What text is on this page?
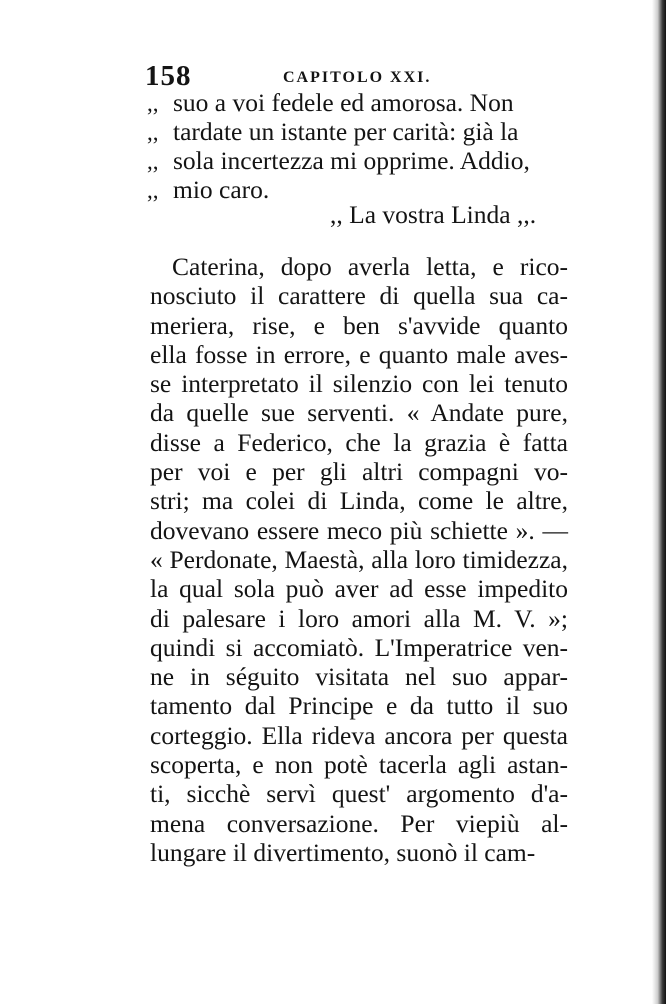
158	CAPITOLO XXI.
,, suo a voi fedele ed amorosa. Non
,, tardate un istante per carità: già la
,, sola incertezza mi opprime. Addio,
,, mio caro.
,, La vostra Linda ,,.
Caterina, dopo averla letta, e rico-
nosciuto il carattere di quella sua ca-
meriera, rise, e ben s'avvide quanto
ella fosse in errore, e quanto male aves-
se interpretato il silenzio con lei tenuto
da quelle sue serventi. « Andate pure,
disse a Federico, che la grazia è fatta
per voi e per gli altri compagni vo-
stri; ma colei di Linda, come le altre,
dovevano essere meco più schiette ». —
« Perdonate, Maestà, alla loro timidezza,
la qual sola può aver ad esse impedito
di palesare i loro amori alla M. V. »;
quindi si accomiatò. L'Imperatrice ven-
ne in séguito visitata nel suo appar-
tamento dal Principe e da tutto il suo
corteggio. Ella rideva ancora per questa
scoperta, e non potè tacerla agli astan-
ti, sicchè servì quest' argomento d'a-
mena conversazione. Per viepiù al-
lungare il divertimento, suonò il cam-
